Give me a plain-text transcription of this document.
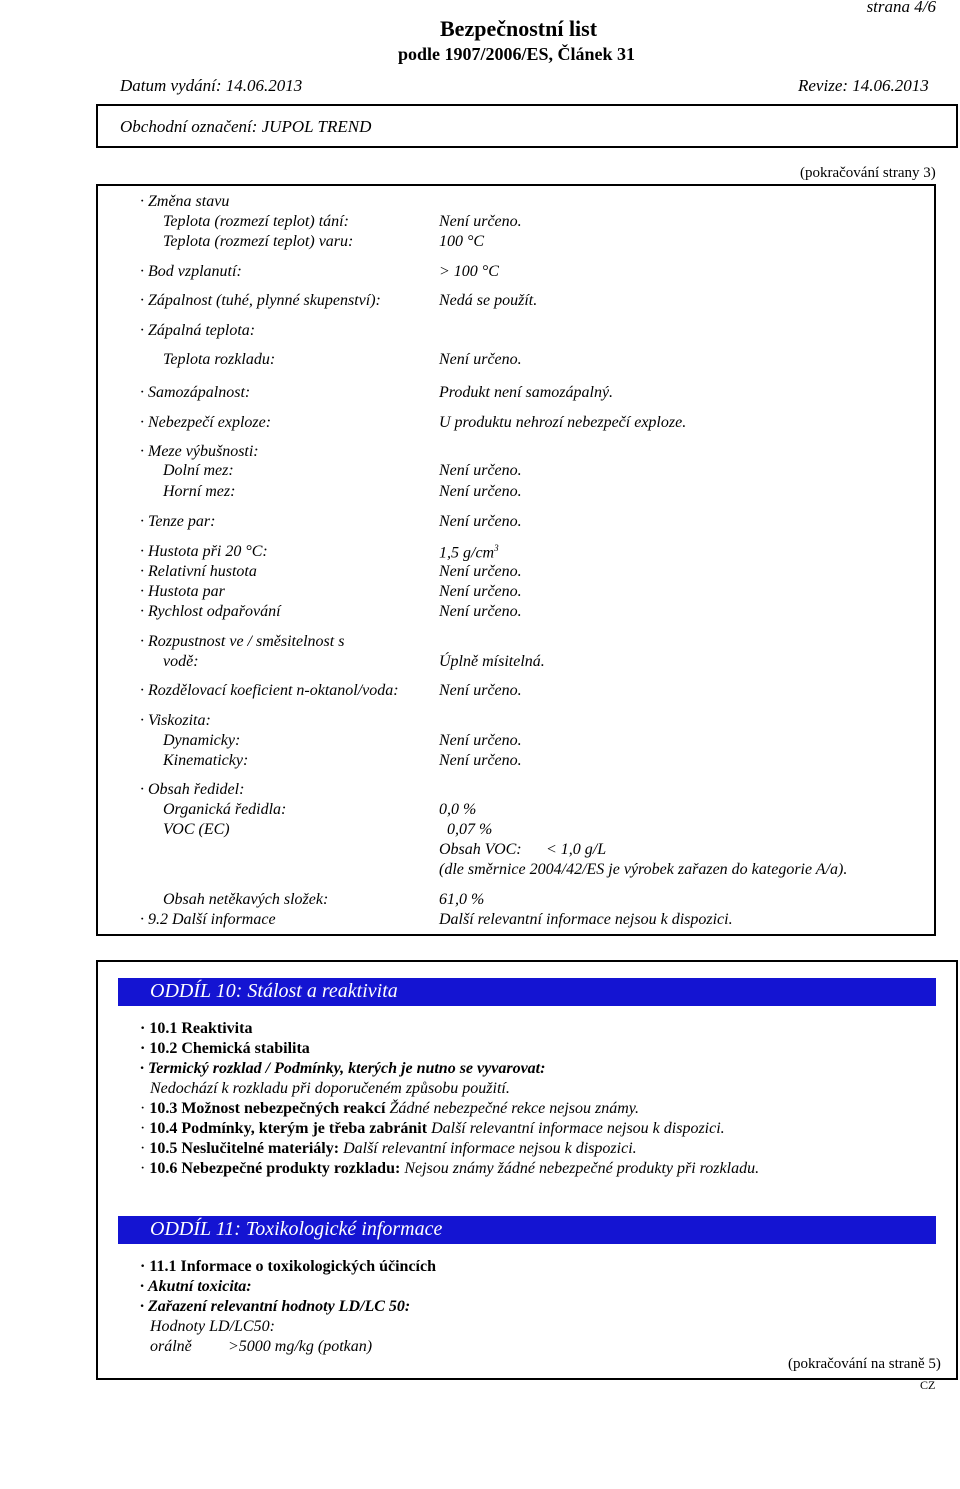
strana 4/6
Bezpečnostní list
podle 1907/2006/ES, Článek 31
Datum vydání: 14.06.2013	Revize: 14.06.2013
Obchodní označení: JUPOL TREND
(pokračování strany 3)
· Změna stavu
Teplota (rozmezí teplot) tání:	Není určeno.
Teplota (rozmezí teplot) varu:	100 °C
· Bod vzplanutí:	> 100 °C
· Zápalnost (tuhé, plynné skupenství):	Nedá se použít.
· Zápalná teplota:
Teplota rozkladu:	Není určeno.
· Samozápalnost:	Produkt není samozápalný.
· Nebezpečí exploze:	U produktu nehrozí nebezpečí exploze.
· Meze výbušnosti:
Dolní mez:	Není určeno.
Horní mez:	Není určeno.
· Tenze par:	Není určeno.
· Hustota při 20 °C:	1,5 $g/cm^3$
· Relativní hustota	Není určeno.
· Hustota par	Není určeno.
· Rychlost odpařování	Není určeno.
· Rozpustnost ve / směsitelnost s
vodě:	Úplně mísitelná.
· Rozdělovací koeficient n-oktanol/voda:	Není určeno.
· Viskozita:
Dynamicky:	Není určeno.
Kinematicky:	Není určeno.
· Obsah ředidel:
Organická ředidla:	0,0 %
VOC (EC)	0,07 %
Obsah VOC: < 1,0 g/L
(dle směrnice 2004/42/ES je výrobek zařazen do kategorie A/a).
Obsah netěkavých složek:	61,0 %
· 9.2 Další informace	Další relevantní informace nejsou k dispozici.
ODDÍL 10: Stálost a reaktivita
· 10.1 Reaktivita
· 10.2 Chemická stabilita
· Termický rozklad / Podmínky, kterých je nutno se vyvarovat:
Nedochází k rozkladu při doporučeném způsobu použití.
· 10.3 Možnost nebezpečných reakcí Žádné nebezpečné rekce nejsou známy.
· 10.4 Podmínky, kterým je třeba zabránit Další relevantní informace nejsou k dispozici.
· 10.5 Neslučitelné materiály: Další relevantní informace nejsou k dispozici.
· 10.6 Nebezpečné produkty rozkladu: Nejsou známy žádné nebezpečné produkty při rozkladu.
ODDÍL 11: Toxikologické informace
· 11.1 Informace o toxikologických účincích
· Akutní toxicita:
· Zařazení relevantní hodnoty LD/LC 50:
Hodnoty LD/LC50:
orálně >5000 mg/kg (potkan)
(pokračování na straně 5)
CZ
